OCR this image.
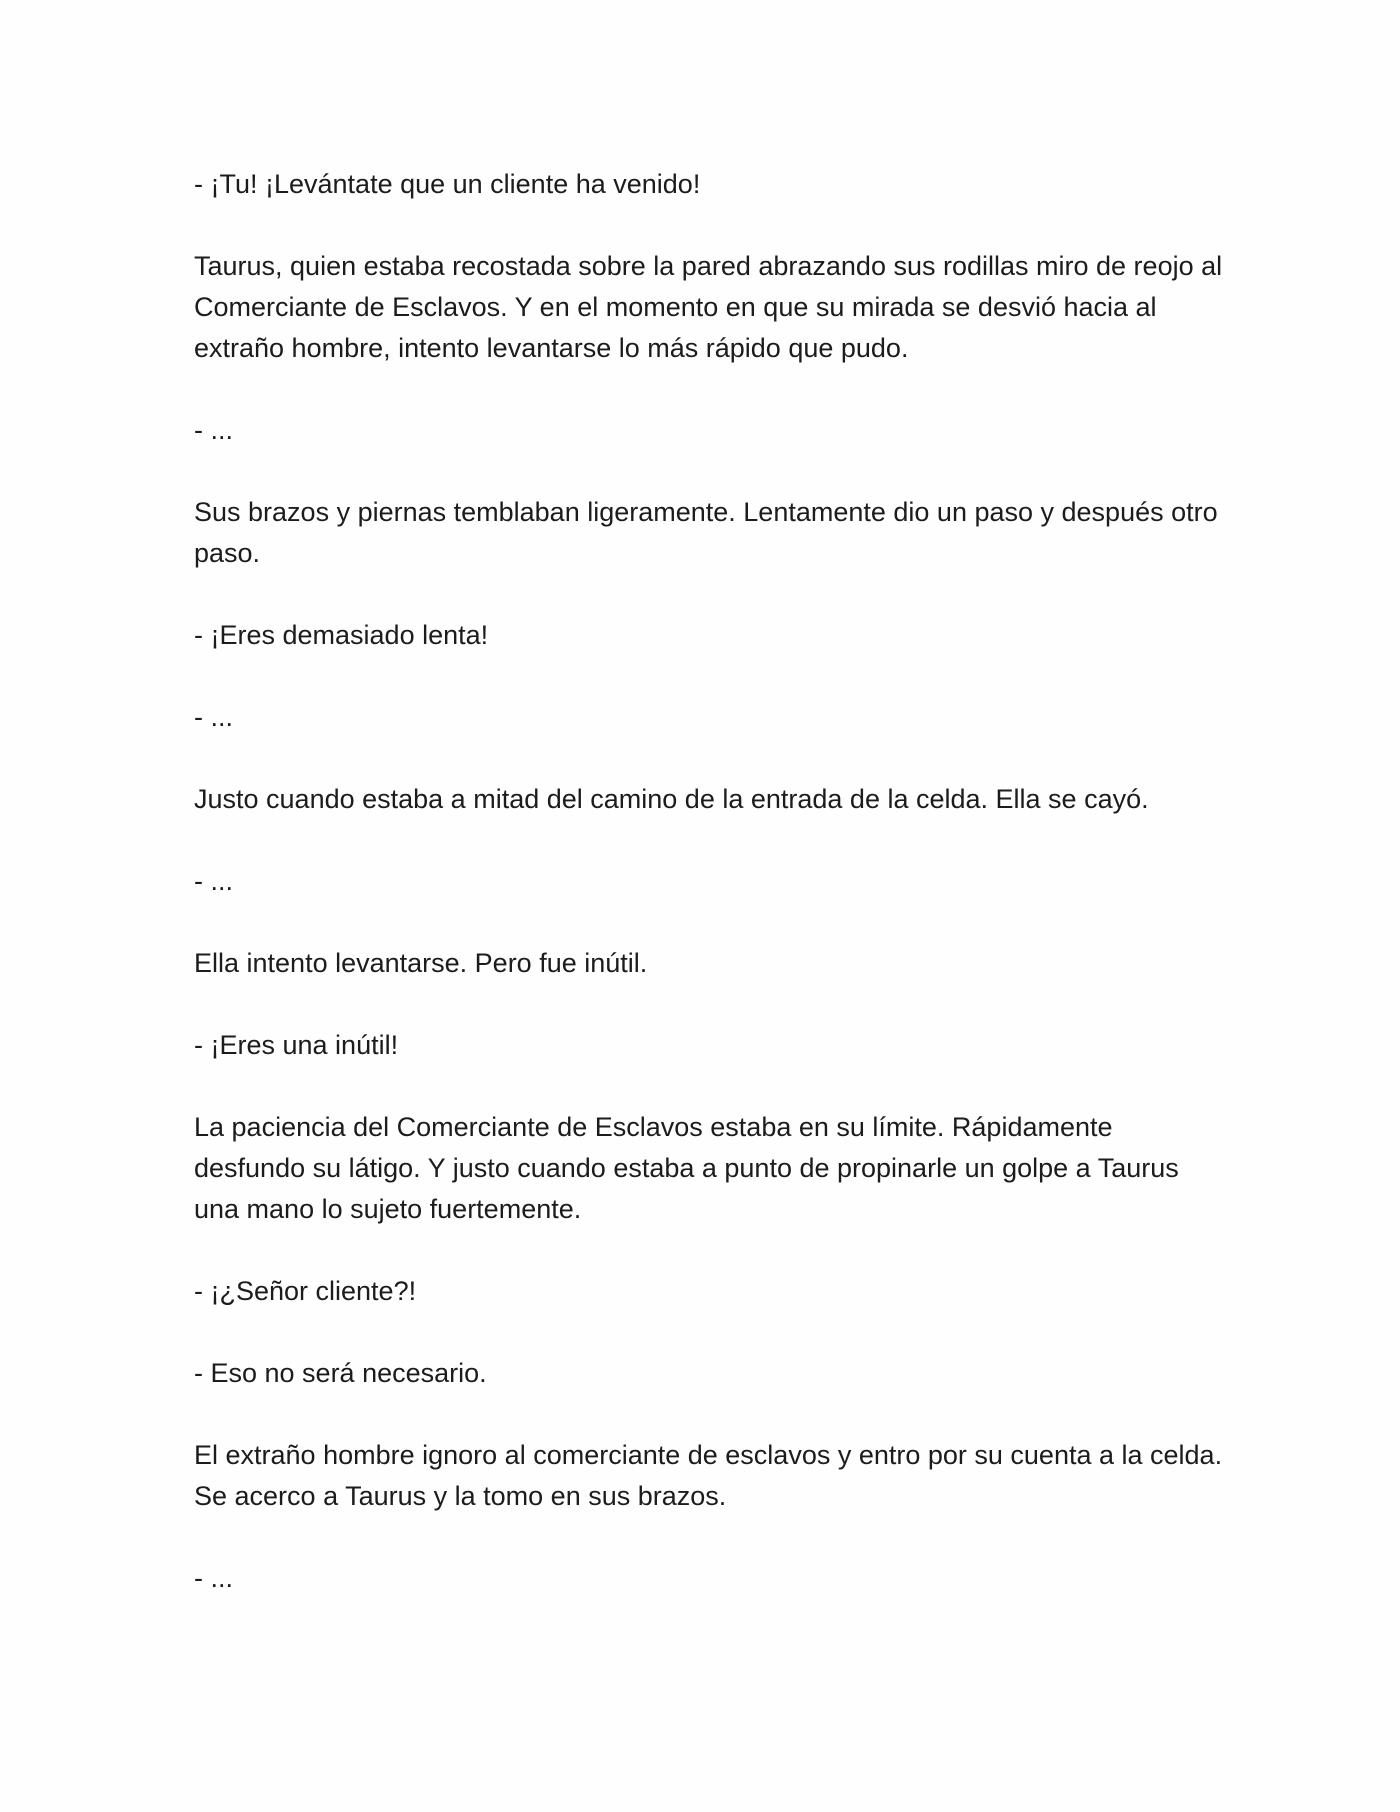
- ¡Tu! ¡Levántate que un cliente ha venido!

Taurus, quien estaba recostada sobre la pared abrazando sus rodillas miro de reojo al Comerciante de Esclavos. Y en el momento en que su mirada se desvió hacia al extraño hombre, intento levantarse lo más rápido que pudo.

- ...

Sus brazos y piernas temblaban ligeramente. Lentamente dio un paso y después otro paso.

- ¡Eres demasiado lenta!

- ...

Justo cuando estaba a mitad del camino de la entrada de la celda. Ella se cayó.

- ...

Ella intento levantarse. Pero fue inútil.

- ¡Eres una inútil!

La paciencia del Comerciante de Esclavos estaba en su límite. Rápidamente desfundo su látigo. Y justo cuando estaba a punto de propinarle un golpe a Taurus una mano lo sujeto fuertemente.

- ¡¿Señor cliente?!

- Eso no será necesario.

El extraño hombre ignoro al comerciante de esclavos y entro por su cuenta a la celda. Se acerco a Taurus y la tomo en sus brazos.

- ...
